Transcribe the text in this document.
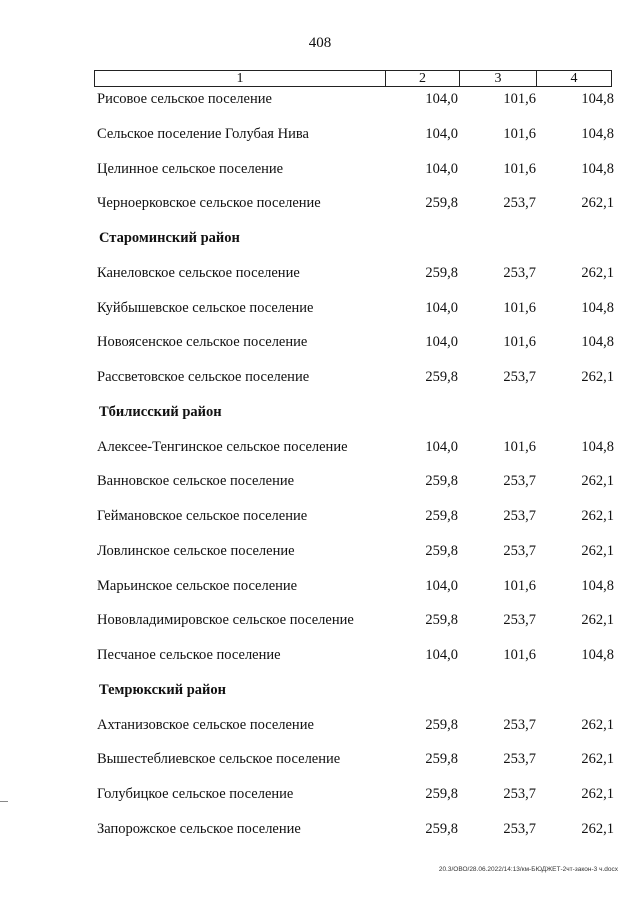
408
1	2	3	4
Рисовое сельское поселение	104,0	101,6	104,8
Сельское поселение Голубая Нива	104,0	101,6	104,8
Целинное сельское поселение	104,0	101,6	104,8
Черноерковское сельское поселение	259,8	253,7	262,1
Староминский район
Канеловское сельское поселение	259,8	253,7	262,1
Куйбышевское сельское поселение	104,0	101,6	104,8
Новоясенское сельское поселение	104,0	101,6	104,8
Рассветовское сельское поселение	259,8	253,7	262,1
Тбилисский район
Алексее-Тенгинское сельское поселение	104,0	101,6	104,8
Ванновское сельское поселение	259,8	253,7	262,1
Геймановское сельское поселение	259,8	253,7	262,1
Ловлинское сельское поселение	259,8	253,7	262,1
Марьинское сельское поселение	104,0	101,6	104,8
Нововладимировское сельское поселение	259,8	253,7	262,1
Песчаное сельское поселение	104,0	101,6	104,8
Темрюкский район
Ахтанизовское сельское поселение	259,8	253,7	262,1
Вышестеблиевское сельское поселение	259,8	253,7	262,1
Голубицкое сельское поселение	259,8	253,7	262,1
Запорожское сельское поселение	259,8	253,7	262,1
20.3/ОВО/28.06.2022/14:13/км-БЮДЖЕТ-2чт-закон-3 ч.docx
